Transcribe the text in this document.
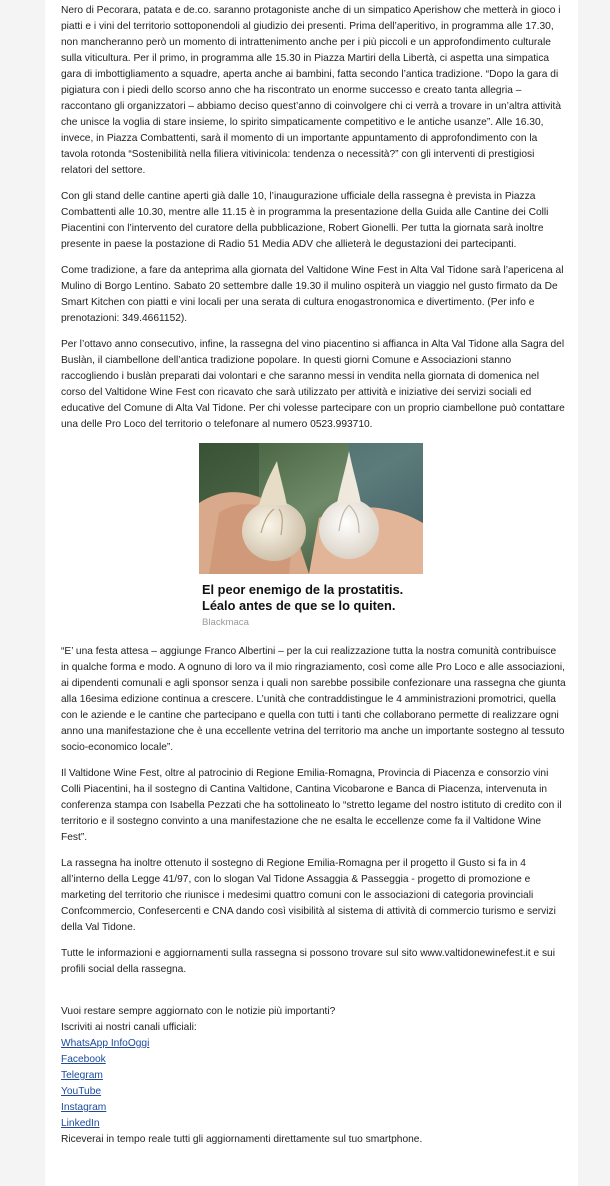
Nero di Pecorara, patata e de.co. saranno protagoniste anche di un simpatico Aperishow che metterà in gioco i piatti e i vini del territorio sottoponendoli al giudizio dei presenti. Prima dell’aperitivo, in programma alle 17.30, non mancheranno però un momento di intrattenimento anche per i più piccoli e un approfondimento culturale sulla viticultura. Per il primo, in programma alle 15.30 in Piazza Martiri della Libertà, ci aspetta una simpatica gara di imbottigliamento a squadre, aperta anche ai bambini, fatta secondo l’antica tradizione. “Dopo la gara di pigiatura con i piedi dello scorso anno che ha riscontrato un enorme successo e creato tanta allegria – raccontano gli organizzatori – abbiamo deciso quest’anno di coinvolgere chi ci verrà a trovare in un’altra attività che unisce la voglia di stare insieme, lo spirito simpaticamente competitivo e le antiche usanze”. Alle 16.30, invece, in Piazza Combattenti, sarà il momento di un importante appuntamento di approfondimento con la tavola rotonda “Sostenibilità nella filiera vitivinicola: tendenza o necessità?” con gli interventi di prestigiosi relatori del settore.

Con gli stand delle cantine aperti già dalle 10, l’inaugurazione ufficiale della rassegna è prevista in Piazza Combattenti alle 10.30, mentre alle 11.15 è in programma la presentazione della Guida alle Cantine dei Colli Piacentini con l’intervento del curatore della pubblicazione, Robert Gionelli. Per tutta la giornata sarà inoltre presente in paese la postazione di Radio 51 Media ADV che allieterà le degustazioni dei partecipanti.

Come tradizione, a fare da anteprima alla giornata del Valtidone Wine Fest in Alta Val Tidone sarà l’apericena al Mulino di Borgo Lentino. Sabato 20 settembre dalle 19.30 il mulino ospiterà un viaggio nel gusto firmato da De Smart Kitchen con piatti e vini locali per una serata di cultura enogastronomica e divertimento. (Per info e prenotazioni: 349.4661152).

Per l’ottavo anno consecutivo, infine, la rassegna del vino piacentino si affianca in Alta Val Tidone alla Sagra del Buslàn, il ciambellone dell’antica tradizione popolare. In questi giorni Comune e Associazioni stanno raccogliendo i buslàn preparati dai volontari e che saranno messi in vendita nella giornata di domenica nel corso del Valtidone Wine Fest con ricavato che sarà utilizzato per attività e iniziative dei servizi sociali ed educative del Comune di Alta Val Tidone. Per chi volesse partecipare con un proprio ciambellone può contattare una delle Pro Loco del territorio o telefonare al numero 0523.993710.

El peor enemigo de la prostatitis.
Léalo antes de que se lo quiten.
Blackmaca

“E’ una festa attesa – aggiunge Franco Albertini – per la cui realizzazione tutta la nostra comunità contribuisce in qualche forma e modo. A ognuno di loro va il mio ringraziamento, così come alle Pro Loco e alle associazioni, ai dipendenti comunali e agli sponsor senza i quali non sarebbe possibile confezionare una rassegna che giunta alla 16esima edizione continua a crescere. L’unità che contraddistingue le 4 amministrazioni promotrici, quella con le aziende e le cantine che partecipano e quella con tutti i tanti che collaborano permette di realizzare ogni anno una manifestazione che è una eccellente vetrina del territorio ma anche un importante sostegno al tessuto socio-economico locale”.

Il Valtidone Wine Fest, oltre al patrocinio di Regione Emilia-Romagna, Provincia di Piacenza e consorzio vini Colli Piacentini, ha il sostegno di Cantina Valtidone, Cantina Vicobarone e Banca di Piacenza, intervenuta in conferenza stampa con Isabella Pezzati che ha sottolineato lo “stretto legame del nostro istituto di credito con il territorio e il sostegno convinto a una manifestazione che ne esalta le eccellenze come fa il Valtidone Wine Fest”.

La rassegna ha inoltre ottenuto il sostegno di Regione Emilia-Romagna per il progetto il Gusto si fa in 4 all’interno della Legge 41/97, con lo slogan Val Tidone Assaggia & Passeggia - progetto di promozione e marketing del territorio che riunisce i medesimi quattro comuni con le associazioni di categoria provinciali Confcommercio, Confesercenti e CNA dando così visibilità al sistema di attività di commercio turismo e servizi della Val Tidone.

Tutte le informazioni e aggiornamenti sulla rassegna si possono trovare sul sito www.valtidonewinefest.it e sui profili social della rassegna.

Vuoi restare sempre aggiornato con le notizie più importanti?
Iscriviti ai nostri canali ufficiali:
WhatsApp InfoOggi
Facebook
Telegram
YouTube
Instagram
LinkedIn
Riceverai in tempo reale tutti gli aggiornamenti direttamente sul tuo smartphone.
